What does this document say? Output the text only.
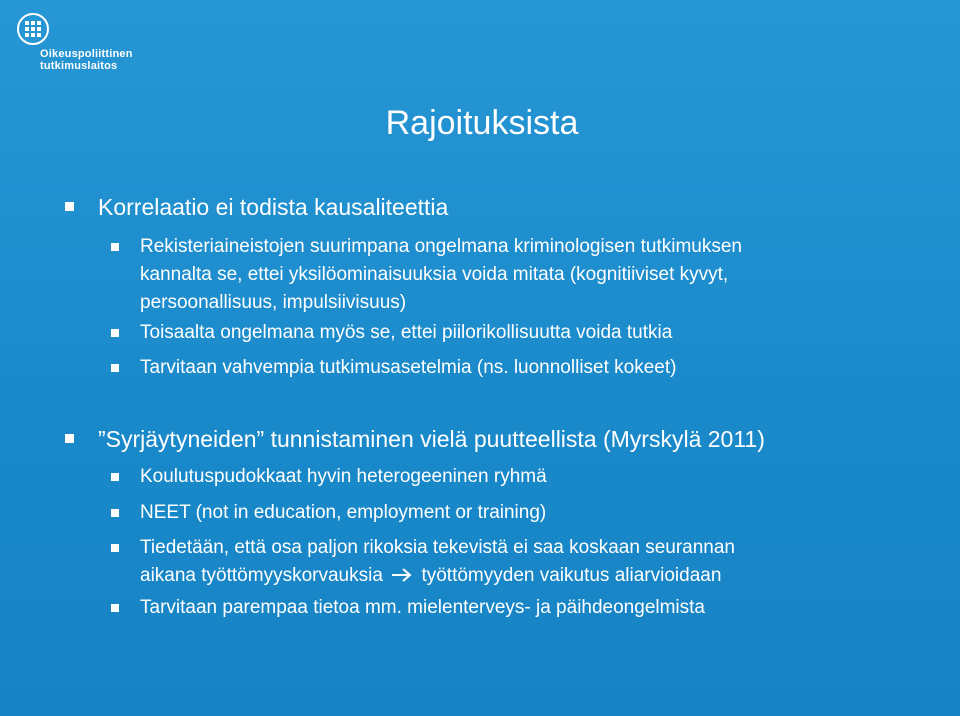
Oikeuspoliittinen
tutkimuslaitos
Rajoituksista
Korrelaatio ei todista kausaliteettia
Rekisteriaineistojen suurimpana ongelmana kriminologisen tutkimuksen
kannalta se, ettei yksilöominaisuuksia voida mitata (kognitiiviset kyvyt,
persoonallisuus, impulsiivisuus)
Toisaalta ongelmana myös se, ettei piilorikollisuutta voida tutkia
Tarvitaan vahvempia tutkimusasetelmia (ns. luonnolliset kokeet)
”Syrjäytyneiden” tunnistaminen vielä puutteellista (Myrskylä 2011)
Koulutuspudokkaat hyvin heterogeeninen ryhmä
NEET (not in education, employment or training)
Tiedetään, että osa paljon rikoksia tekevistä ei saa koskaan seurannan
aikana työttömyyskorvauksia työttömyyden vaikutus aliarvioidaan
Tarvitaan parempaa tietoa mm. mielenterveys- ja päihdeongelmista
